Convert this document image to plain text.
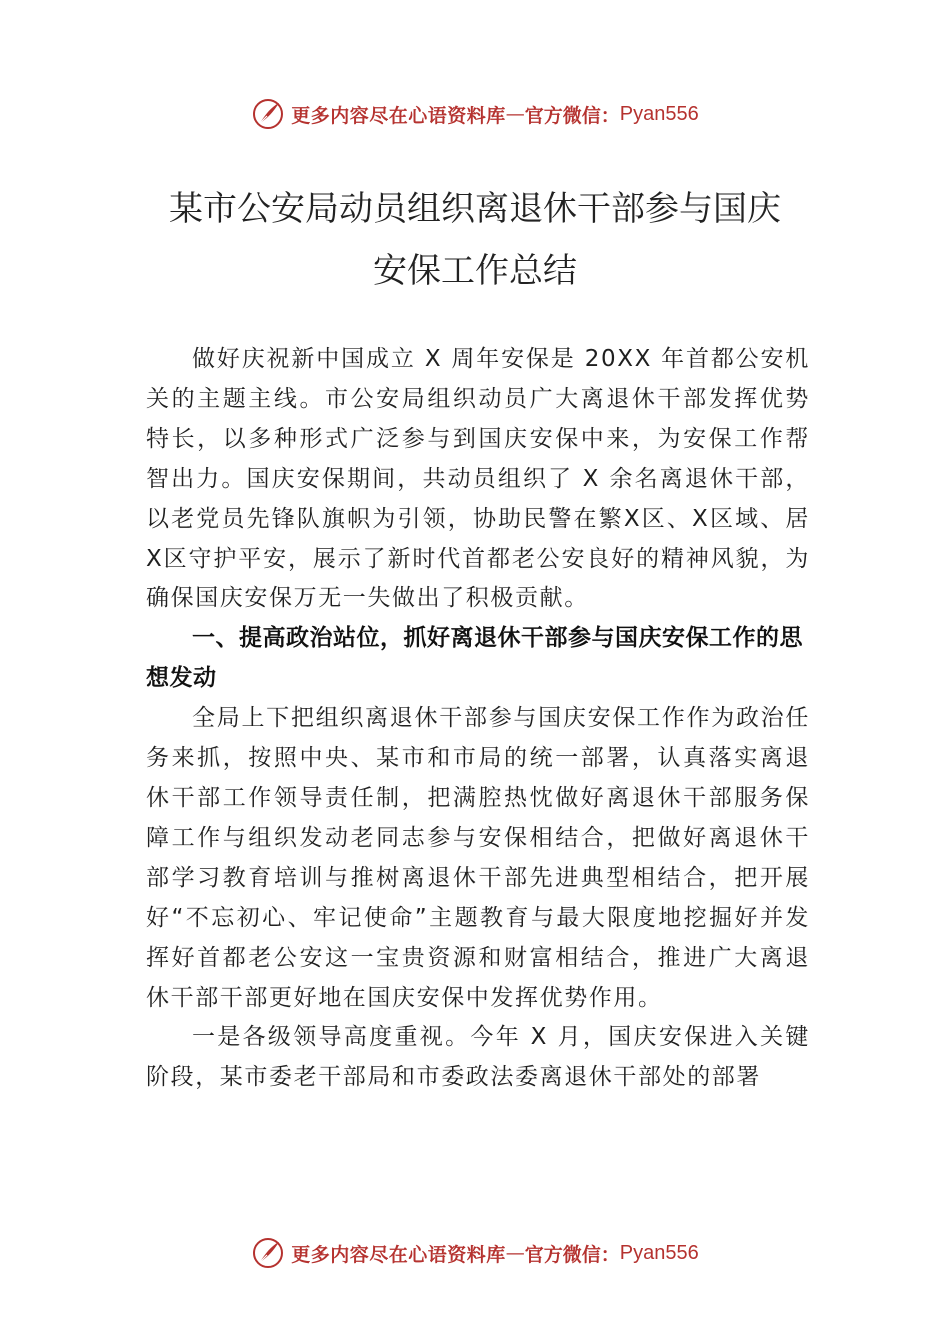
更多内容尽在心语资料库 — 官方微信： Pyan556
某市公安局动员组织离退休干部参与国庆
安保工作总结

做好庆祝新中国成立 X 周年安保是 20XX 年首都公安机关的主题主线。市公安局组织动员广大离退休干部发挥优势特长，以多种形式广泛参与到国庆安保中来，为安保工作帮智出力。国庆安保期间，共动员组织了 X 余名离退休干部，以老党员先锋队旗帜为引领，协助民警在繁X区、X区域、居X区守护平安，展示了新时代首都老公安良好的精神风貌，为确保国庆安保万无一失做出了积极贡献。

一、提高政治站位，抓好离退休干部参与国庆安保工作的思想发动

全局上下把组织离退休干部参与国庆安保工作作为政治任务来抓，按照中央、某市和市局的统一部署，认真落实离退休干部工作领导责任制，把满腔热忱做好离退休干部服务保障工作与组织发动老同志参与安保相结合，把做好离退休干部学习教育培训与推树离退休干部先进典型相结合，把开展好“不忘初心、牢记使命”主题教育与最大限度地挖掘好并发挥好首都老公安这一宝贵资源和财富相结合，推进广大离退休干部干部更好地在国庆安保中发挥优势作用。

一是各级领导高度重视。今年 X 月，国庆安保进入关键阶段，某市委老干部局和市委政法委离退休干部处的部署

更多内容尽在心语资料库 — 官方微信： Pyan556
